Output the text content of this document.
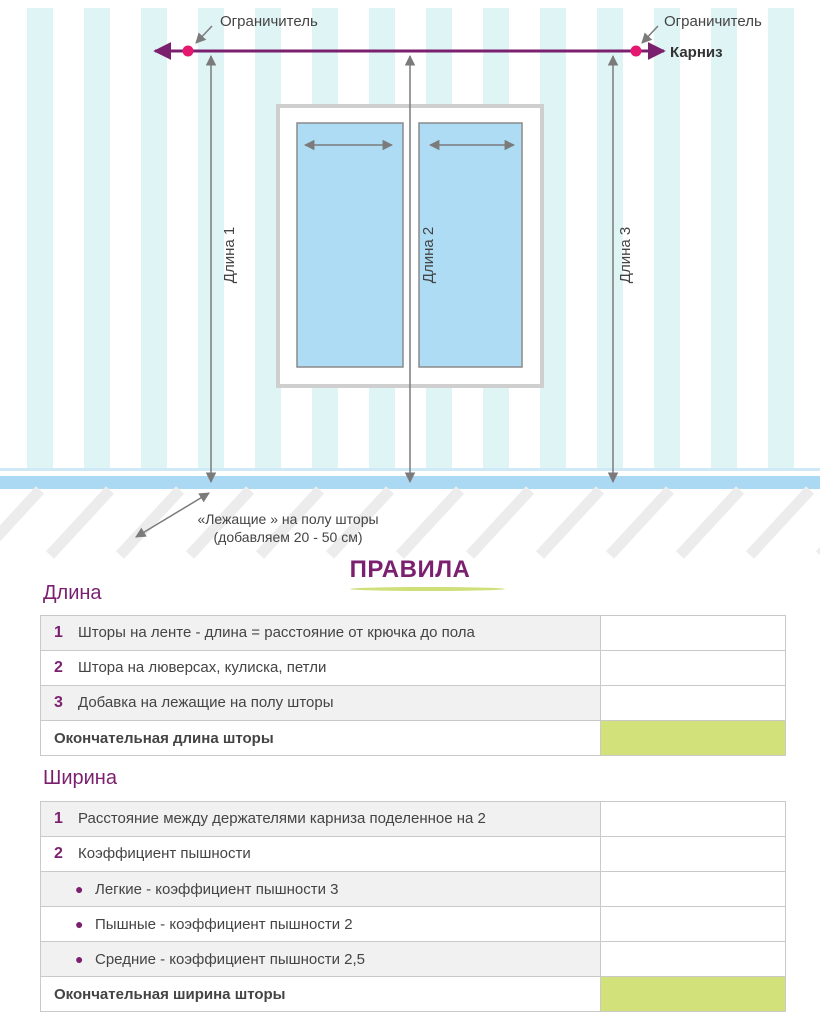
Ограничитель	Ограничитель
Карниз
Длина 1	Длина 2	Длина 3
«Лежащие » на полу шторы
(добавляем 20 - 50 см)
ПРАВИЛА
Длина
1 Шторы на ленте - длина = расстояние от крючка до пола	
2 Штора на люверсах, кулиска, петли	
3 Добавка на лежащие на полу шторы	
Окончательная длина шторы	
Ширина
1 Расстояние между держателями карниза поделенное на 2	
2 Коэффициент пышности	
● Легкие - коэффициент пышности 3	
● Пышные - коэффициент пышности 2	
● Средние - коэффициент пышности 2,5	
Окончательная ширина шторы	
